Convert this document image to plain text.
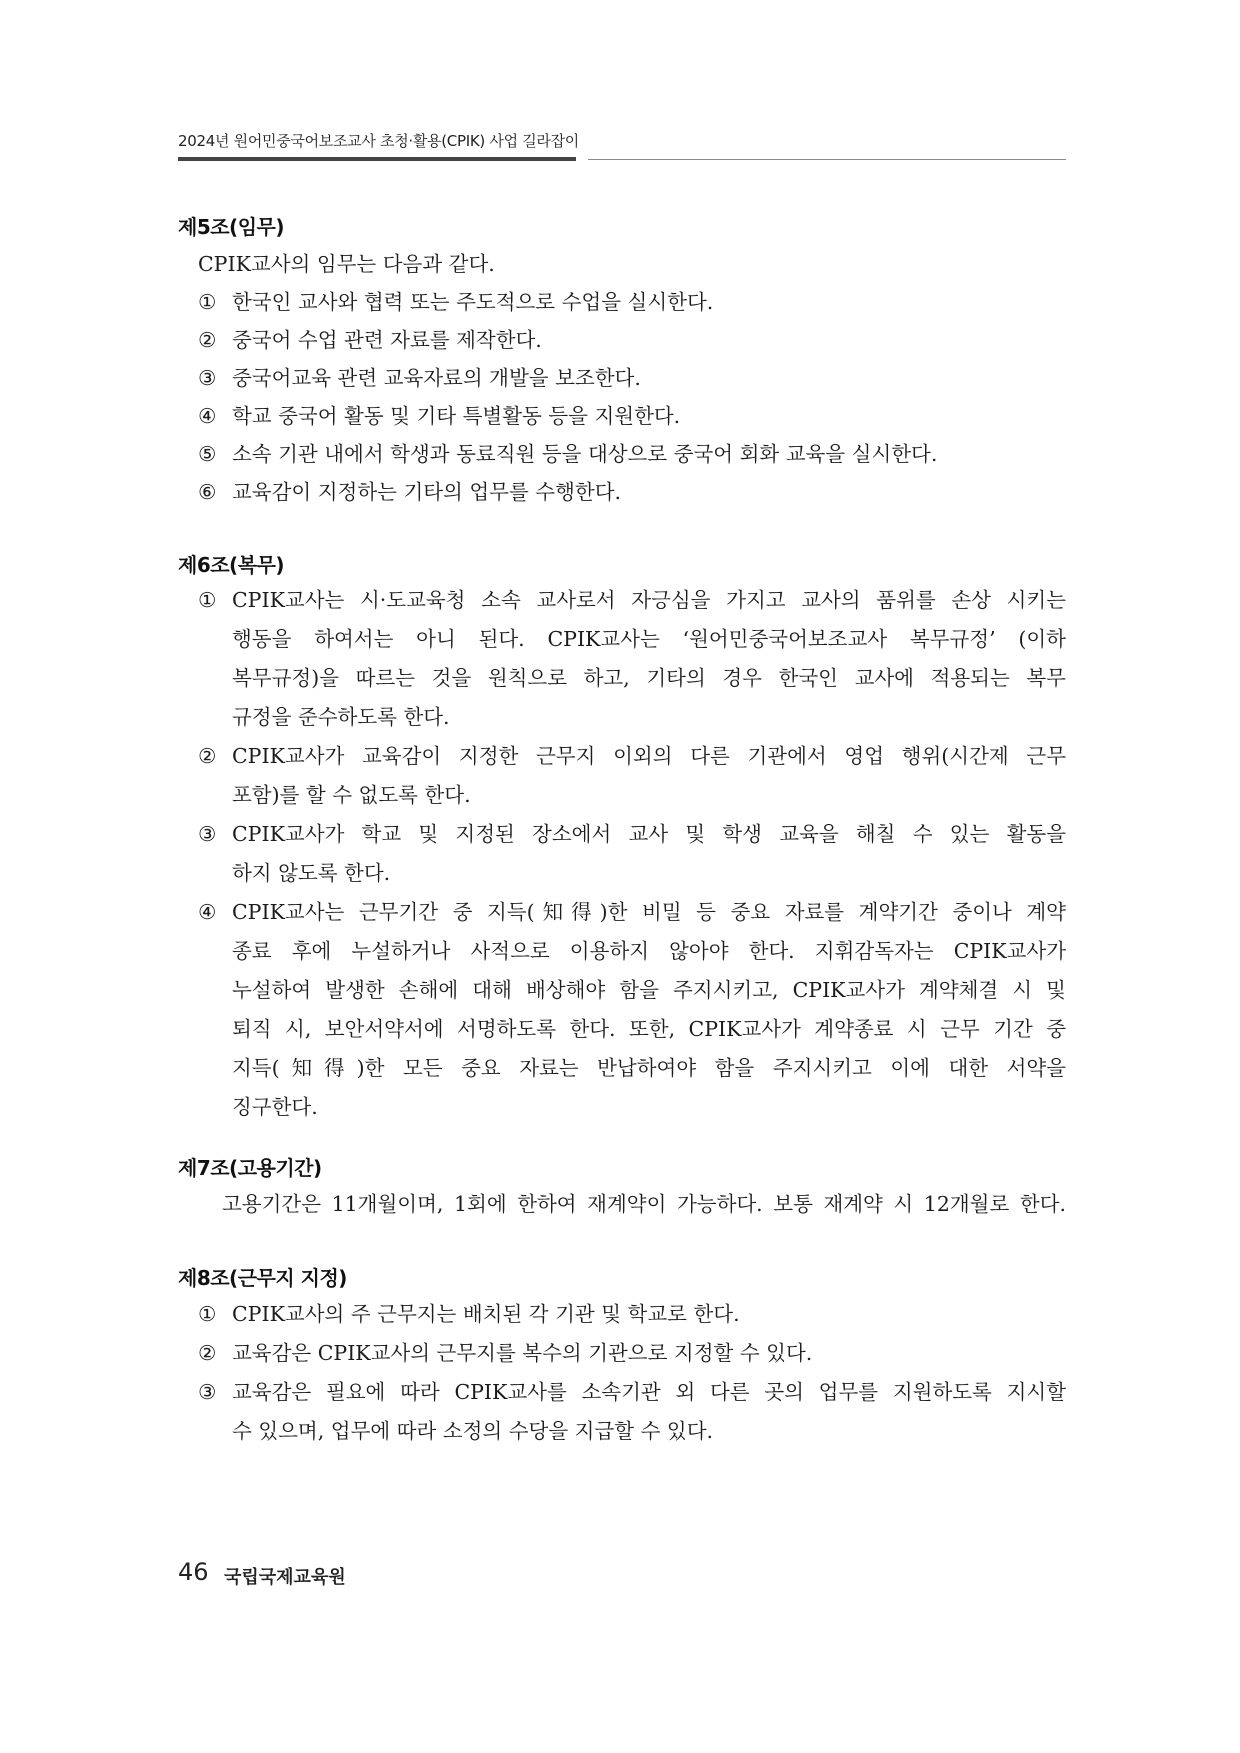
2024년 원어민중국어보조교사 초청·활용(CPIK) 사업 길라잡이
제5조(임무)
CPIK교사의 임무는 다음과 같다.
① 한국인 교사와 협력 또는 주도적으로 수업을 실시한다.
② 중국어 수업 관련 자료를 제작한다.
③ 중국어교육 관련 교육자료의 개발을 보조한다.
④ 학교 중국어 활동 및 기타 특별활동 등을 지원한다.
⑤ 소속 기관 내에서 학생과 동료직원 등을 대상으로 중국어 회화 교육을 실시한다.
⑥ 교육감이 지정하는 기타의 업무를 수행한다.
제6조(복무)
① CPIK교사는 시·도교육청 소속 교사로서 자긍심을 가지고 교사의 품위를 손상 시키는
행동을 하여서는 아니 된다. CPIK교사는 ‘원어민중국어보조교사 복무규정’ (이하
복무규정)을 따르는 것을 원칙으로 하고, 기타의 경우 한국인 교사에 적용되는 복무
규정을 준수하도록 한다.
② CPIK교사가 교육감이 지정한 근무지 이외의 다른 기관에서 영업 행위(시간제 근무
포함)를 할 수 없도록 한다.
③ CPIK교사가 학교 및 지정된 장소에서 교사 및 학생 교육을 해칠 수 있는 활동을
하지 않도록 한다.
④ CPIK교사는 근무기간 중 지득(知得)한 비밀 등 중요 자료를 계약기간 중이나 계약
종료 후에 누설하거나 사적으로 이용하지 않아야 한다. 지휘감독자는 CPIK교사가
누설하여 발생한 손해에 대해 배상해야 함을 주지시키고, CPIK교사가 계약체결 시 및
퇴직 시, 보안서약서에 서명하도록 한다. 또한, CPIK교사가 계약종료 시 근무 기간 중
지득(知得)한 모든 중요 자료는 반납하여야 함을 주지시키고 이에 대한 서약을
징구한다.
제7조(고용기간)
고용기간은 11개월이며, 1회에 한하여 재계약이 가능하다. 보통 재계약 시 12개월로 한다.
제8조(근무지 지정)
① CPIK교사의 주 근무지는 배치된 각 기관 및 학교로 한다.
② 교육감은 CPIK교사의 근무지를 복수의 기관으로 지정할 수 있다.
③ 교육감은 필요에 따라 CPIK교사를 소속기관 외 다른 곳의 업무를 지원하도록 지시할
수 있으며, 업무에 따라 소정의 수당을 지급할 수 있다.
46 국립국제교육원
